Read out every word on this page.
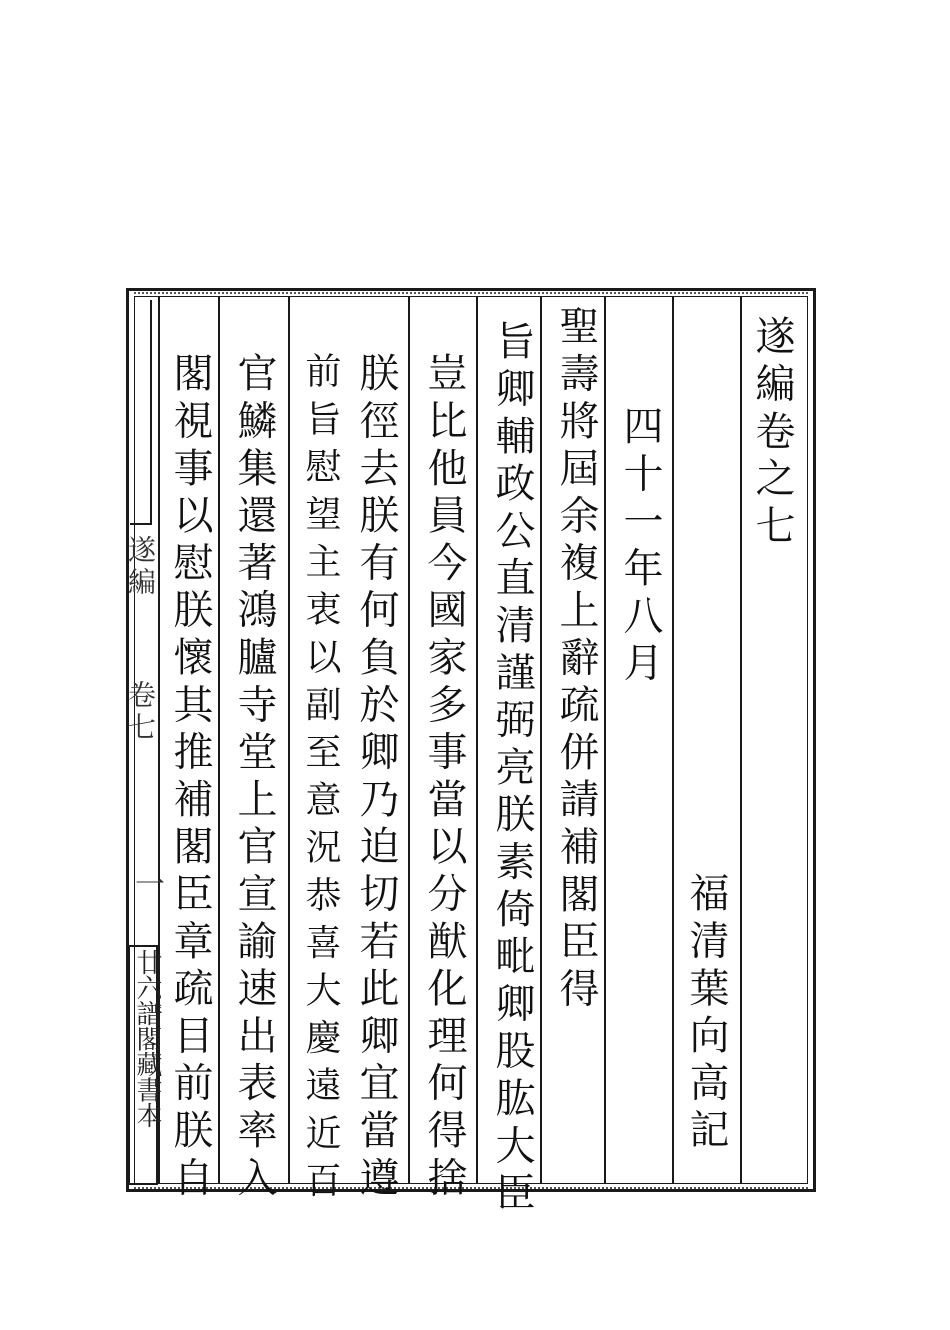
遂編卷之七
四十一年八月
福清葉向高記
聖壽將屆余複上辭疏併請補閣臣得
旨卿輔政公直清謹弼亮朕素倚毗卿股肱大臣
豈比他員今國家多事當以分猷化理何得捨
朕徑去朕有何負於卿乃迫切若此卿宜當遵
前旨慰望主衷以副至意況恭喜大慶遠近百
官鱗集還著鴻臚寺堂上官宣諭速出表率入
閣視事以慰朕懷其推補閣臣章疏目前朕自
遂編
卷七
一
廿六譜閣藏書本
